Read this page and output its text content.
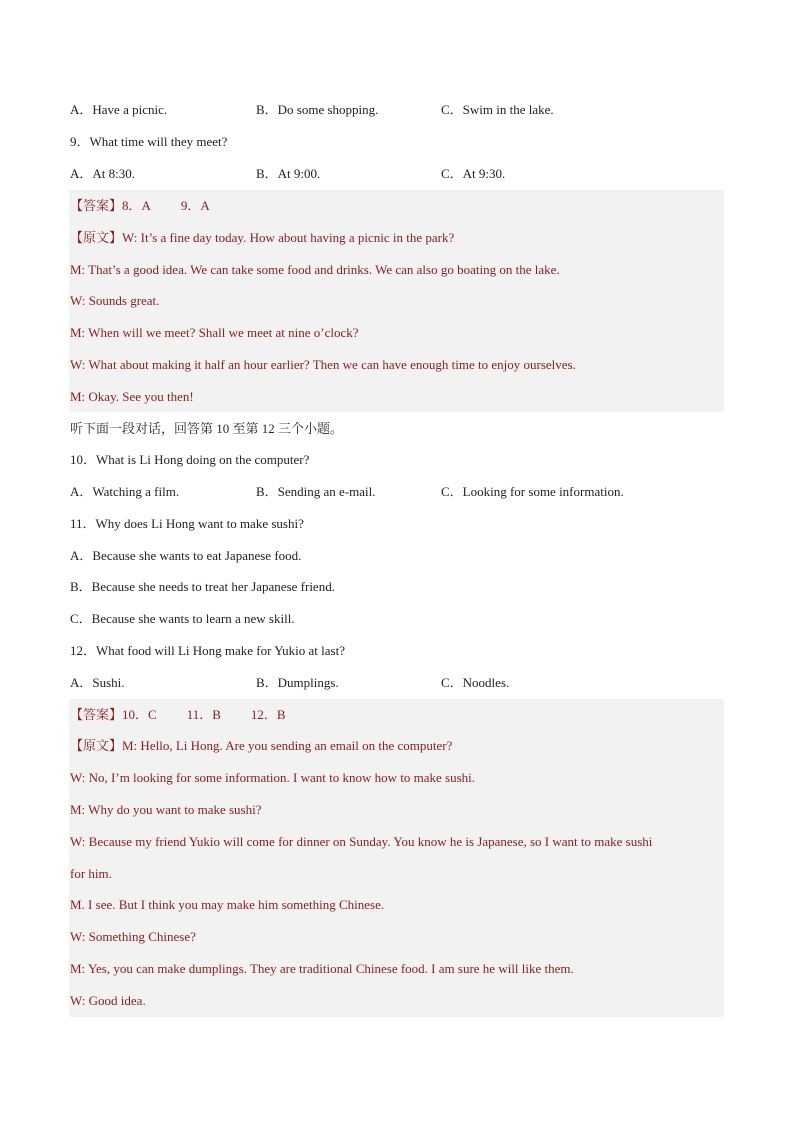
A．Have a picnic.	B．Do some shopping.	C．Swim in the lake.
9．What time will they meet?
A．At 8:30.	B．At 9:00.	C．At 9:30.
【答案】8．A 9．A
【原文】W: It’s a fine day today. How about having a picnic in the park?
M: That’s a good idea. We can take some food and drinks. We can also go boating on the lake.
W: Sounds great.
M: When will we meet? Shall we meet at nine o’clock?
W: What about making it half an hour earlier? Then we can have enough time to enjoy ourselves.
M: Okay. See you then!
听下面一段对话，回答第 10 至第 12 三个小题。
10．What is Li Hong doing on the computer?
A．Watching a film.	B．Sending an e-mail.	C．Looking for some information.
11．Why does Li Hong want to make sushi?
A．Because she wants to eat Japanese food.
B．Because she needs to treat her Japanese friend.
C．Because she wants to learn a new skill.
12．What food will Li Hong make for Yukio at last?
A．Sushi.	B．Dumplings.	C．Noodles.
【答案】10．C 11．B 12．B
【原文】M: Hello, Li Hong. Are you sending an email on the computer?
W: No, I’m looking for some information. I want to know how to make sushi.
M: Why do you want to make sushi?
W: Because my friend Yukio will come for dinner on Sunday. You know he is Japanese, so I want to make sushi
for him.
M. I see. But I think you may make him something Chinese.
W: Something Chinese?
M: Yes, you can make dumplings. They are traditional Chinese food. I am sure he will like them.
W: Good idea.
